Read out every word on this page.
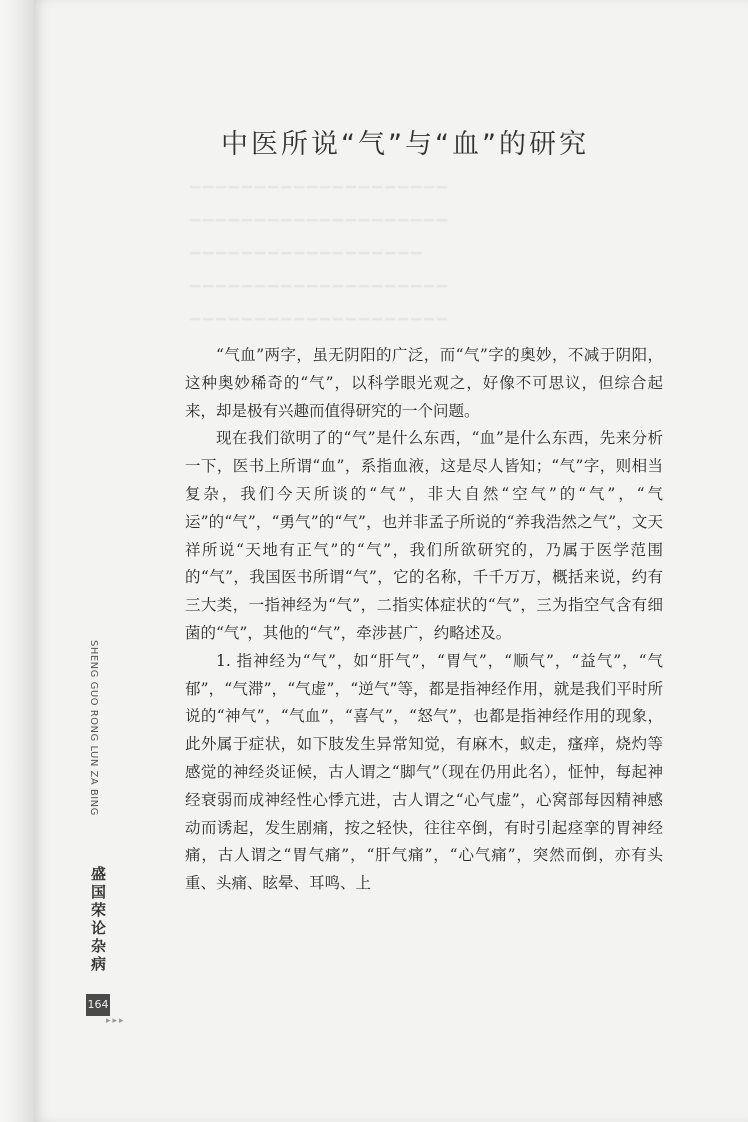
▁▁▁▁▁▁▁▁▁▁▁▁▁▁▁▁▁▁▁▁
▁▁▁▁▁▁▁▁▁▁▁▁▁▁▁▁▁▁▁▁
▁▁▁▁▁▁▁▁▁▁▁▁▁▁▁▁▁▁
▁▁▁▁▁▁▁▁▁▁▁▁▁▁▁▁▁▁▁▁
▁▁▁▁▁▁▁▁▁▁▁▁▁▁▁▁▁▁▁▁
中医所说“气”与“血”的研究

“气血”两字，虽无阴阳的广泛，而“气”字的奥妙，不减于阴阳，这种奥妙稀奇的“气”，以科学眼光观之，好像不可思议，但综合起来，却是极有兴趣而值得研究的一个问题。

现在我们欲明了的“气”是什么东西，“血”是什么东西，先来分析一下，医书上所谓“血”，系指血液，这是尽人皆知；“气”字，则相当复杂，我们今天所谈的“气”，非大自然“空气”的“气”，“气运”的“气”，“勇气”的“气”，也并非孟子所说的“养我浩然之气”，文天祥所说“天地有正气”的“气”，我们所欲研究的，乃属于医学范围的“气”，我国医书所谓“气”，它的名称，千千万万，概括来说，约有三大类，一指神经为“气”，二指实体症状的“气”，三为指空气含有细菌的“气”，其他的“气”，牵涉甚广，约略述及。

1. 指神经为“气”，如“肝气”，“胃气”，“顺气”，“益气”，“气郁”，“气滞”，“气虚”，“逆气”等，都是指神经作用，就是我们平时所说的“神气”，“气血”，“喜气”，“怒气”，也都是指神经作用的现象，此外属于症状，如下肢发生异常知觉，有麻木，蚁走，瘙痒，烧灼等感觉的神经炎证候，古人谓之“脚气”（现在仍用此名），怔忡，每起神经衰弱而成神经性心悸亢进，古人谓之“心气虚”，心窝部每因精神感动而诱起，发生剧痛，按之轻快，往往卒倒，有时引起痉挛的胃神经痛，古人谓之“胃气痛”，“肝气痛”，“心气痛”，突然而倒，亦有头重、头痛、眩晕、耳鸣、上

SHENG GUO RONG LUN ZA BING
盛国荣论杂病
164
▸▸▸
